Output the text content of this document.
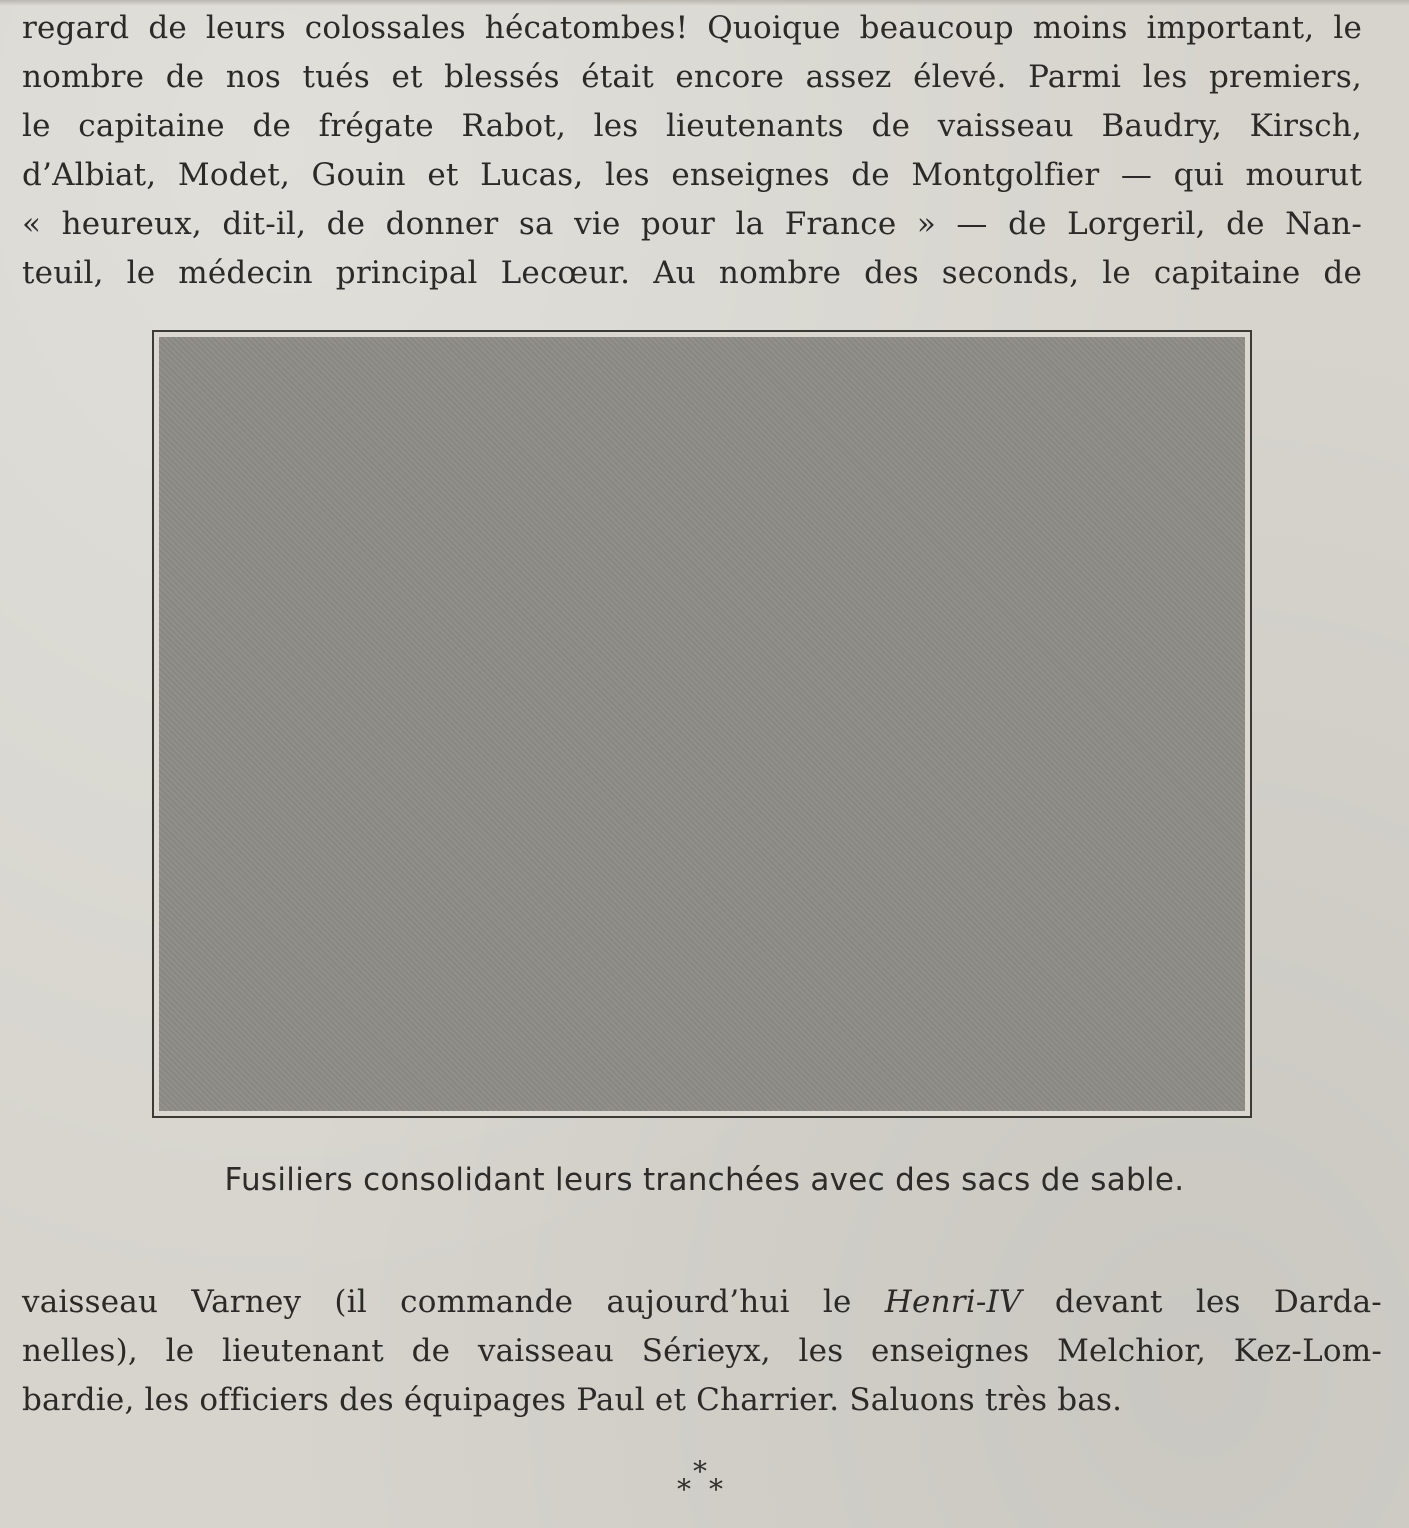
regard de leurs colossales hécatombes! Quoique beaucoup moins important, le

nombre de nos tués et blessés était encore assez élevé. Parmi les premiers,

le capitaine de frégate Rabot, les lieutenants de vaisseau Baudry, Kirsch,

d’Albiat, Modet, Gouin et Lucas, les enseignes de Montgolfier — qui mourut

« heureux, dit-il, de donner sa vie pour la France » — de Lorgeril, de Nan-

teuil, le médecin principal Lecœur. Au nombre des seconds, le capitaine de

Fusiliers consolidant leurs tranchées avec des sacs de sable.

vaisseau Varney (il commande aujourd’hui le Henri-IV devant les Darda-

nelles), le lieutenant de vaisseau Sérieyx, les enseignes Melchior, Kez-Lom-

bardie, les officiers des équipages Paul et Charrier. Saluons très bas.

*
* *
